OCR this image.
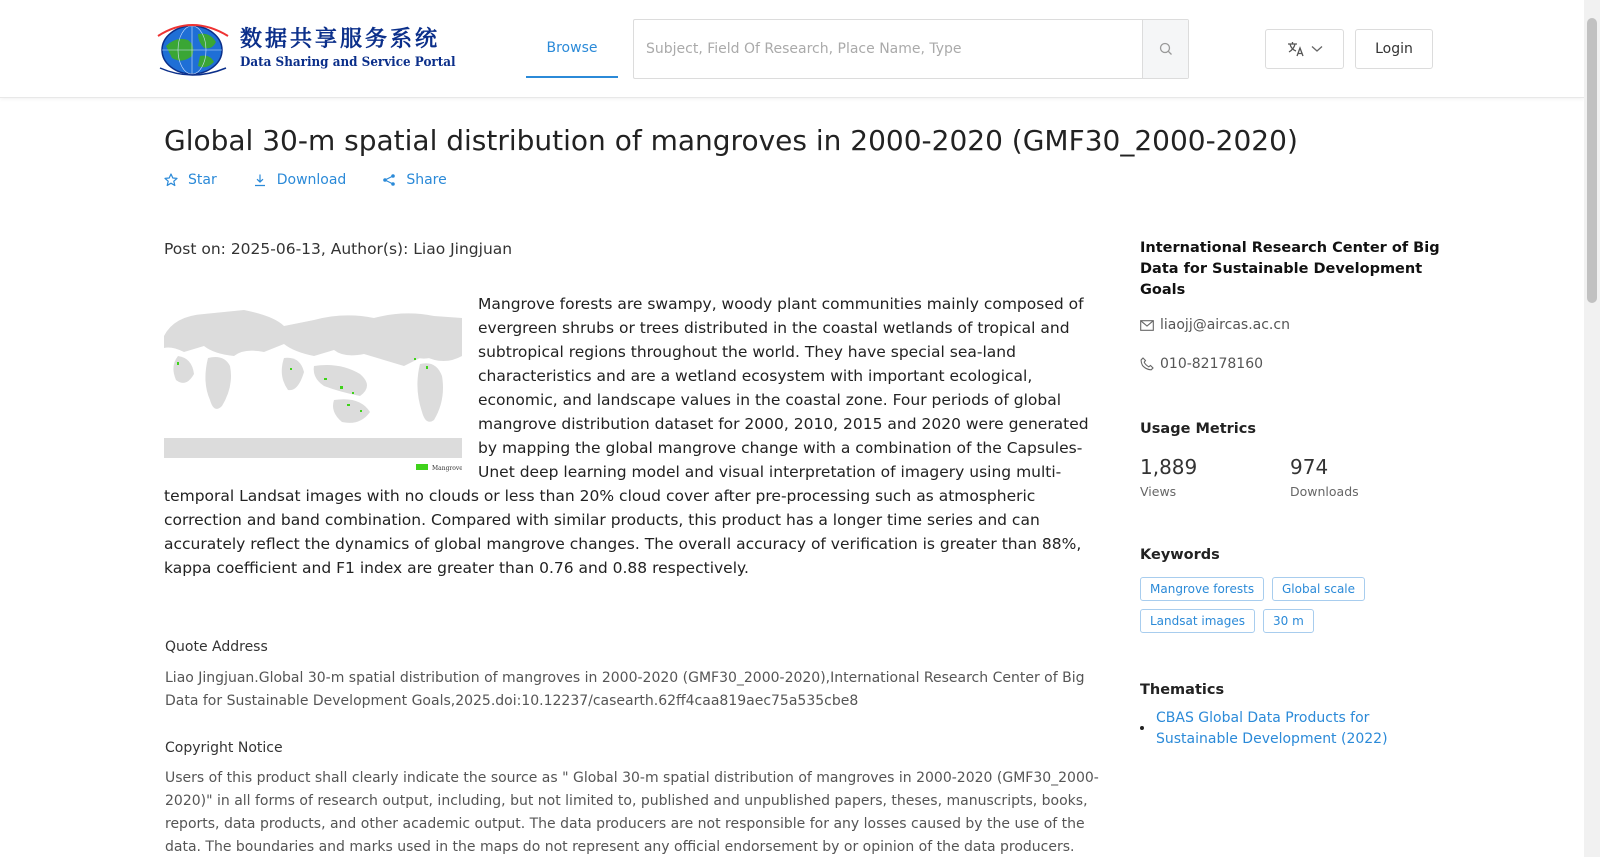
数据共享服务系统
Data Sharing and Service Portal
Browse
Subject, Field Of Research, Place Name, Type	Login
Global 30-m spatial distribution of mangroves in 2000-2020 (GMF30_2000-2020)
Star	Download	Share
Post on: 2025-06-13, Author(s): Liao Jingjuan
Mangrove

Mangrove forests are swampy, woody plant communities mainly composed of evergreen shrubs or trees distributed in the coastal wetlands of tropical and subtropical regions throughout the world. They have special sea-land characteristics and are a wetland ecosystem with important ecological, economic, and landscape values in the coastal zone. Four periods of global mangrove distribution dataset for 2000, 2010, 2015 and 2020 were generated by mapping the global mangrove change with a combination of the Capsules-Unet deep learning model and visual interpretation of imagery using multi-temporal Landsat images with no clouds or less than 20% cloud cover after pre-processing such as atmospheric correction and band combination. Compared with similar products, this product has a longer time series and can accurately reflect the dynamics of global mangrove changes. The overall accuracy of verification is greater than 88%, kappa coefficient and F1 index are greater than 0.76 and 0.88 respectively.

Quote Address
Liao Jingjuan.Global 30-m spatial distribution of mangroves in 2000-2020 (GMF30_2000-2020),International Research Center of Big Data for Sustainable Development Goals,2025.doi:10.12237/casearth.62ff4caa819aec75a535cbe8
Copyright Notice
Users of this product shall clearly indicate the source as " Global 30-m spatial distribution of mangroves in 2000-2020 (GMF30_2000-2020)" in all forms of research output, including, but not limited to, published and unpublished papers, theses, manuscripts, books, reports, data products, and other academic output. The data producers are not responsible for any losses caused by the use of the data. The boundaries and marks used in the maps do not represent any official endorsement by or opinion of the data producers.
International Research Center of Big Data for Sustainable Development Goals
liaojj@aircas.ac.cn
010-82178160
Usage Metrics
1,889
Views
974
Downloads
Keywords
Mangrove forests	Global scale
Landsat images	30 m
Thematics
CBAS Global Data Products for Sustainable Development (2022)
